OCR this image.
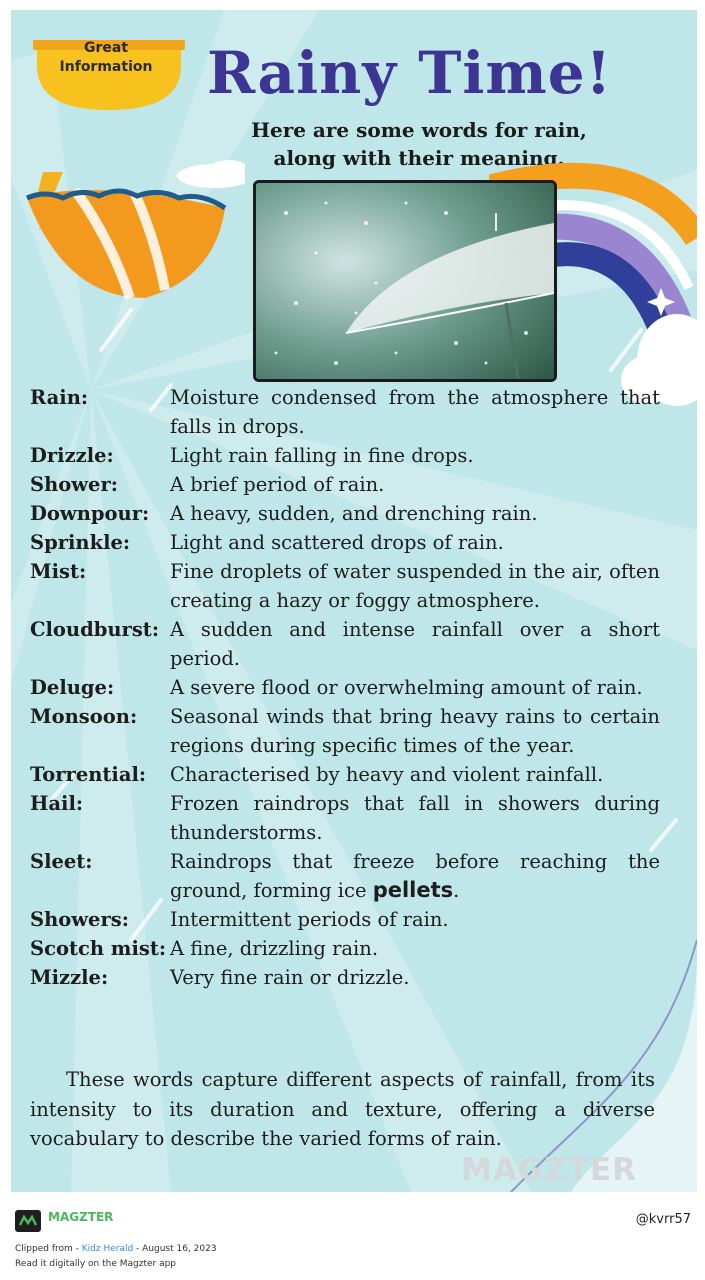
Great Information Rainy Time!
Here are some words for rain, along with their meaning.
Rain:	Moisture condensed from the atmosphere that falls in drops.
Drizzle:	Light rain falling in fine drops.
Shower:	A brief period of rain.
Downpour:	A heavy, sudden, and drenching rain.
Sprinkle:	Light and scattered drops of rain.
Mist:	Fine droplets of water suspended in the air, often creating a hazy or foggy atmosphere.
Cloudburst: A sudden and intense rainfall over a short period.
Deluge:	A severe flood or overwhelming amount of rain.
Monsoon:	Seasonal winds that bring heavy rains to certain regions during specific times of the year.
Torrential:	Characterised by heavy and violent rainfall.
Hail:	Frozen raindrops that fall in showers during thunderstorms.
Sleet:	Raindrops that freeze before reaching the ground, forming ice pellets.
Showers:	Intermittent periods of rain.
Scotch mist: A fine, drizzling rain.
Mizzle:	Very fine rain or drizzle.
These words capture different aspects of rainfall, from its intensity to its duration and texture, offering a diverse vocabulary to describe the varied forms of rain.
MAGZTER
MAGZTER	@kvrr57
Clipped from - Kidz Herald - August 16, 2023
Read it digitally on the Magzter app
